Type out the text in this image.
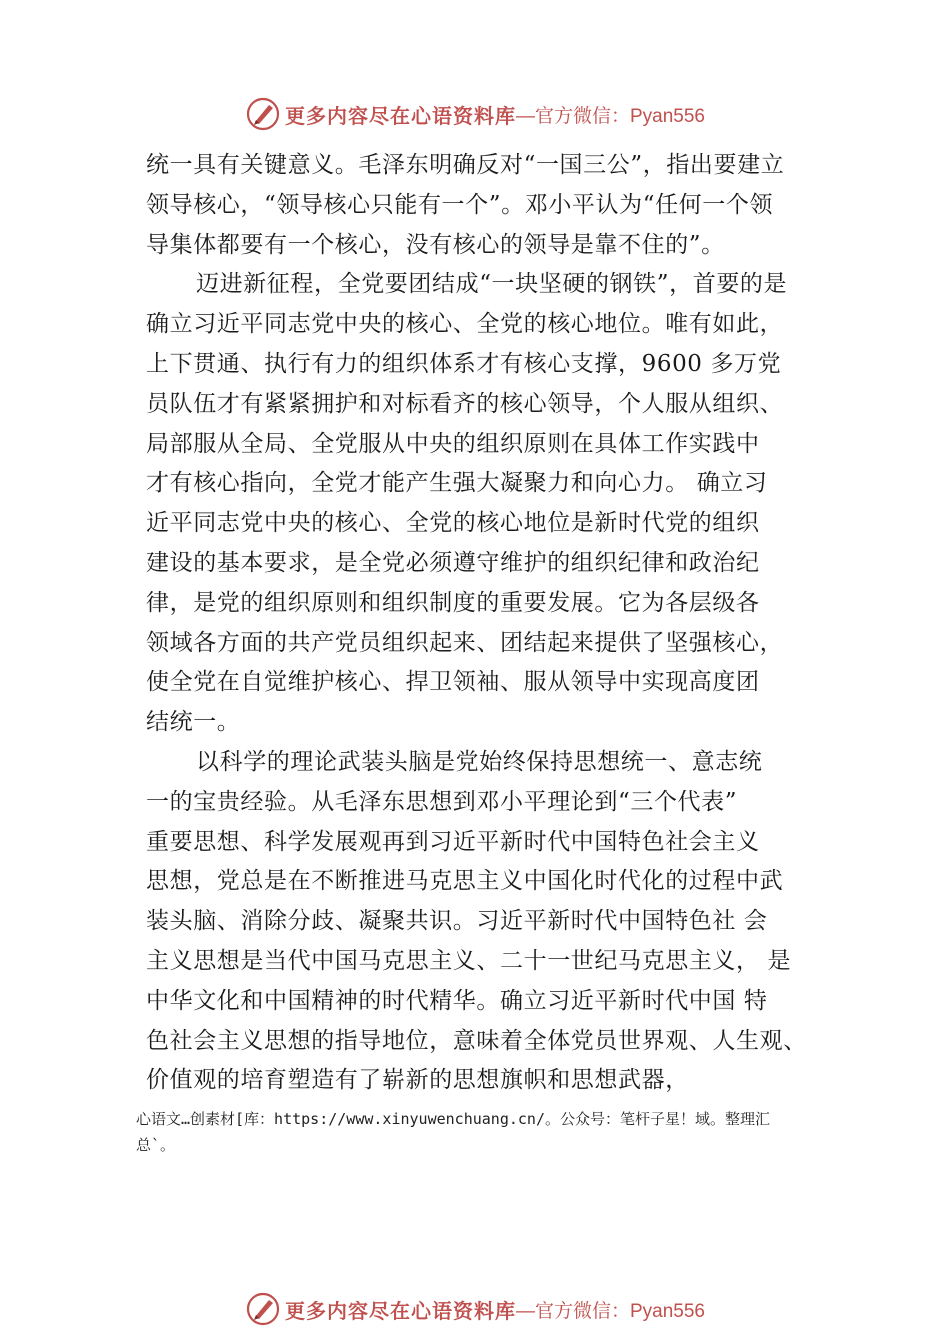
更多内容尽在心语资料库 —官方微信：Pyan556
统一具有关键意义。毛泽东明确反对“一国三公”，指出要建立
领导核心，“领导核心只能有一个”。邓小平认为“任何一个领
导集体都要有一个核心，没有核心的领导是靠不住的”。
迈进新征程，全党要团结成“一块坚硬的钢铁”，首要的是
确立习近平同志党中央的核心、全党的核心地位。唯有如此，
上下贯通、执行有力的组织体系才有核心支撑，9600 多万党
员队伍才有紧紧拥护和对标看齐的核心领导，个人服从组织、
局部服从全局、全党服从中央的组织原则在具体工作实践中
才有核心指向，全党才能产生强大凝聚力和向心力。 确立习
近平同志党中央的核心、全党的核心地位是新时代党的组织
建设的基本要求，是全党必须遵守维护的组织纪律和政治纪
律，是党的组织原则和组织制度的重要发展。它为各层级各
领域各方面的共产党员组织起来、团结起来提供了坚强核心，
使全党在自觉维护核心、捍卫领袖、服从领导中实现高度团
结统一。
以科学的理论武装头脑是党始终保持思想统一、意志统
一的宝贵经验。从毛泽东思想到邓小平理论到“三个代表”
重要思想、科学发展观再到习近平新时代中国特色社会主义
思想，党总是在不断推进马克思主义中国化时代化的过程中武
装头脑、消除分歧、凝聚共识。习近平新时代中国特色社 会
主义思想是当代中国马克思主义、二十一世纪马克思主义， 是
中华文化和中国精神的时代精华。确立习近平新时代中国 特
色社会主义思想的指导地位，意味着全体党员世界观、人生观、
价值观的培育塑造有了崭新的思想旗帜和思想武器，
心语文…创素材[库：https://www.xinyuwenchuang.cn/。公众号：笔杆子星！域。整理汇
总`。
更多内容尽在心语资料库 —官方微信：Pyan556
